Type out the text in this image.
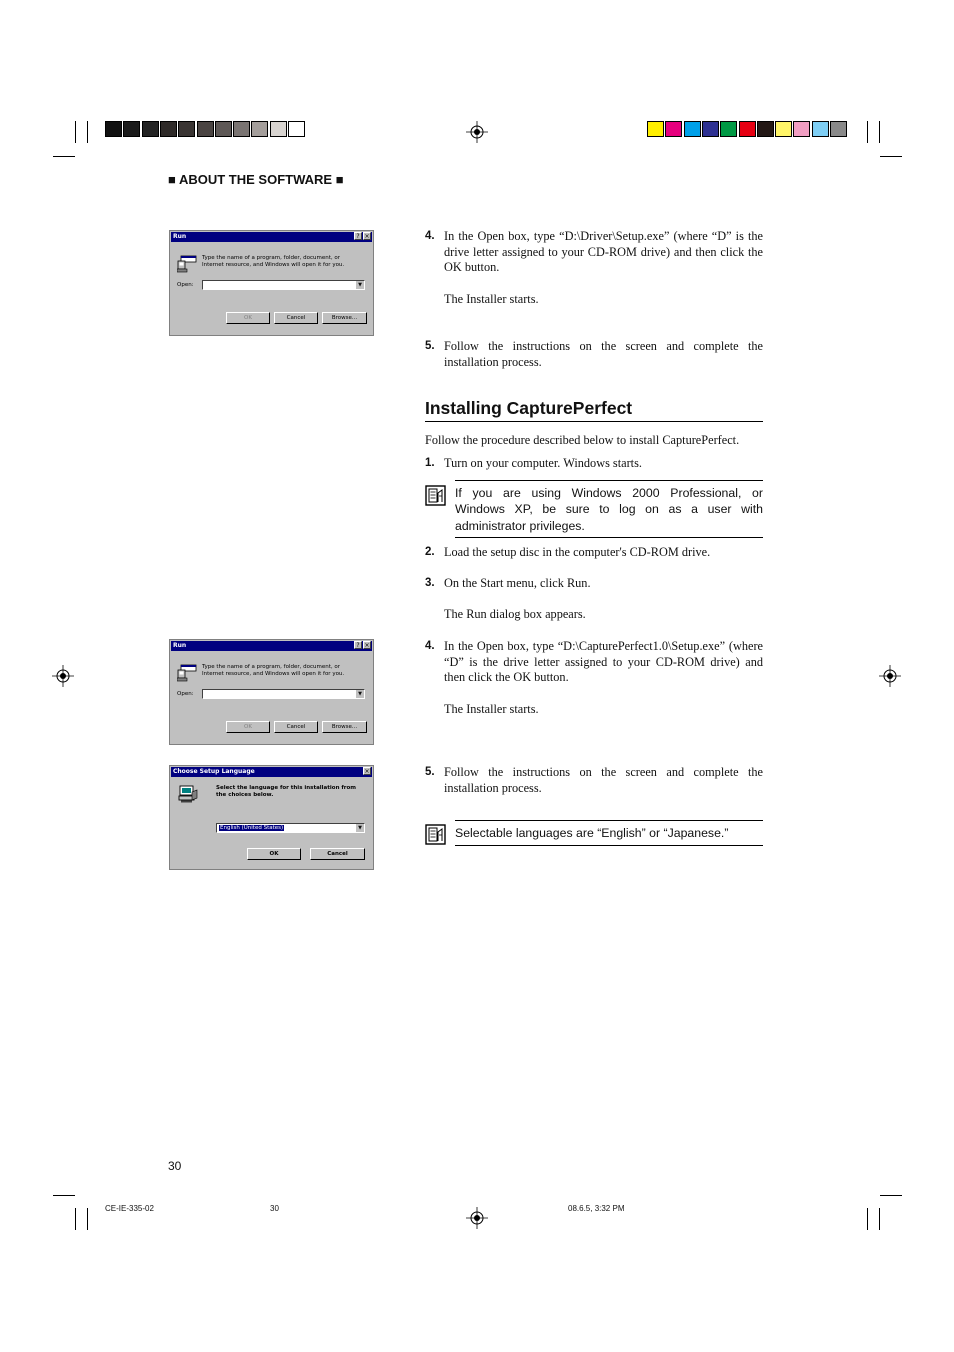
■ ABOUT THE SOFTWARE ■
Run	? ×
Type the name of a program, folder, document, or Internet resource, and Windows will open it for you.
Open:	▼
OK	Cancel	Browse...
4. In the Open box, type “D:\Driver\Setup.exe” (where “D” is the drive letter assigned to your CD-ROM drive) and then click the OK button.
The Installer starts.
5. Follow the instructions on the screen and complete the installation process.
Installing CapturePerfect
Follow the procedure described below to install CapturePerfect.
1. Turn on your computer. Windows starts.
If you are using Windows 2000 Professional, or Windows XP, be sure to log on as a user with administrator privileges.
2. Load the setup disc in the computer's CD-ROM drive.
3. On the Start menu, click Run.
The Run dialog box appears.
4. In the Open box, type “D:\CapturePerfect1.0\Setup.exe” (where “D” is the drive letter assigned to your CD-ROM drive) and then click the OK button.
The Installer starts.
5. Follow the instructions on the screen and complete the installation process.
Selectable languages are “English” or “Japanese.”
Run	? ×
Type the name of a program, folder, document, or Internet resource, and Windows will open it for you.
Open:	▼
OK	Cancel	Browse...
Choose Setup Language	×
Select the language for this installation from the choices below.
English (United States)	▼
OK	Cancel
30
CE-IE-335-02	30	08.6.5, 3:32 PM
